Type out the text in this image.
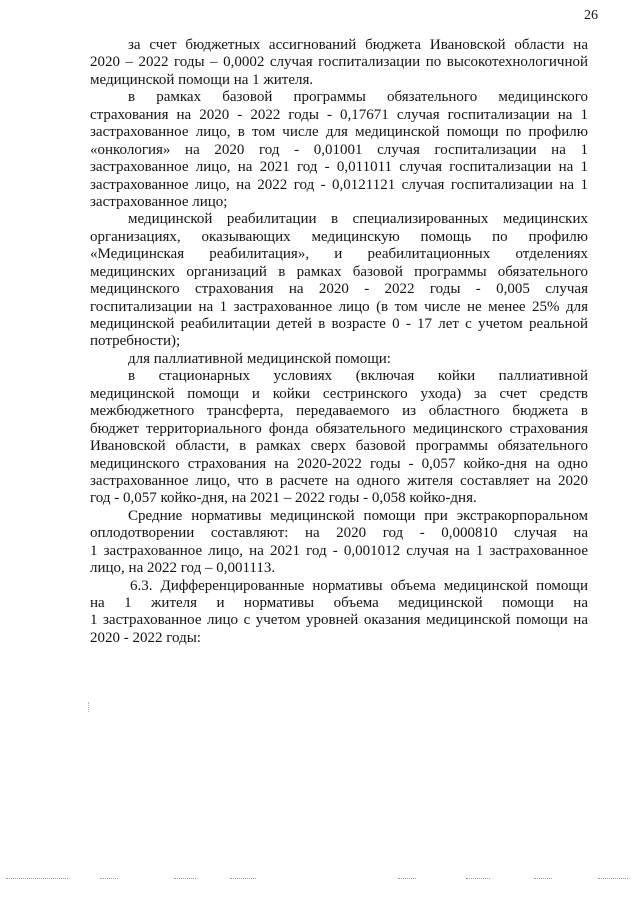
26
за счет бюджетных ассигнований бюджета Ивановской области на
2020 – 2022 годы – 0,0002 случая госпитализации по высокотехнологичной
медицинской помощи на 1 жителя.
в рамках базовой программы обязательного медицинского
страхования на 2020 - 2022 годы - 0,17671 случая госпитализации на 1
застрахованное лицо, в том числе для медицинской помощи по профилю
«онкология» на 2020 год - 0,01001 случая госпитализации на 1
застрахованное лицо, на 2021 год - 0,011011 случая госпитализации на 1
застрахованное лицо, на 2022 год - 0,0121121 случая госпитализации на 1
застрахованное лицо;
медицинской реабилитации в специализированных медицинских
организациях, оказывающих медицинскую помощь по профилю
«Медицинская реабилитация», и реабилитационных отделениях
медицинских организаций в рамках базовой программы обязательного
медицинского страхования на 2020 - 2022 годы - 0,005 случая
госпитализации на 1 застрахованное лицо (в том числе не менее 25% для
медицинской реабилитации детей в возрасте 0 - 17 лет с учетом реальной
потребности);
для паллиативной медицинской помощи:
в стационарных условиях (включая койки паллиативной
медицинской помощи и койки сестринского ухода) за счет средств
межбюджетного трансферта, передаваемого из областного бюджета в
бюджет территориального фонда обязательного медицинского страхования
Ивановской области, в рамках сверх базовой программы обязательного
медицинского страхования на 2020-2022 годы - 0,057 койко-дня на одно
застрахованное лицо, что в расчете на одного жителя составляет на 2020
год - 0,057 койко-дня, на 2021 – 2022 годы - 0,058 койко-дня.
Средние нормативы медицинской помощи при экстракорпоральном
оплодотворении составляют: на 2020 год - 0,000810 случая на
1 застрахованное лицо, на 2021 год - 0,001012 случая на 1 застрахованное
лицо, на 2022 год – 0,001113.
6.3. Дифференцированные нормативы объема медицинской помощи
на 1 жителя и нормативы объема медицинской помощи на
1 застрахованное лицо с учетом уровней оказания медицинской помощи на
2020 - 2022 годы:
